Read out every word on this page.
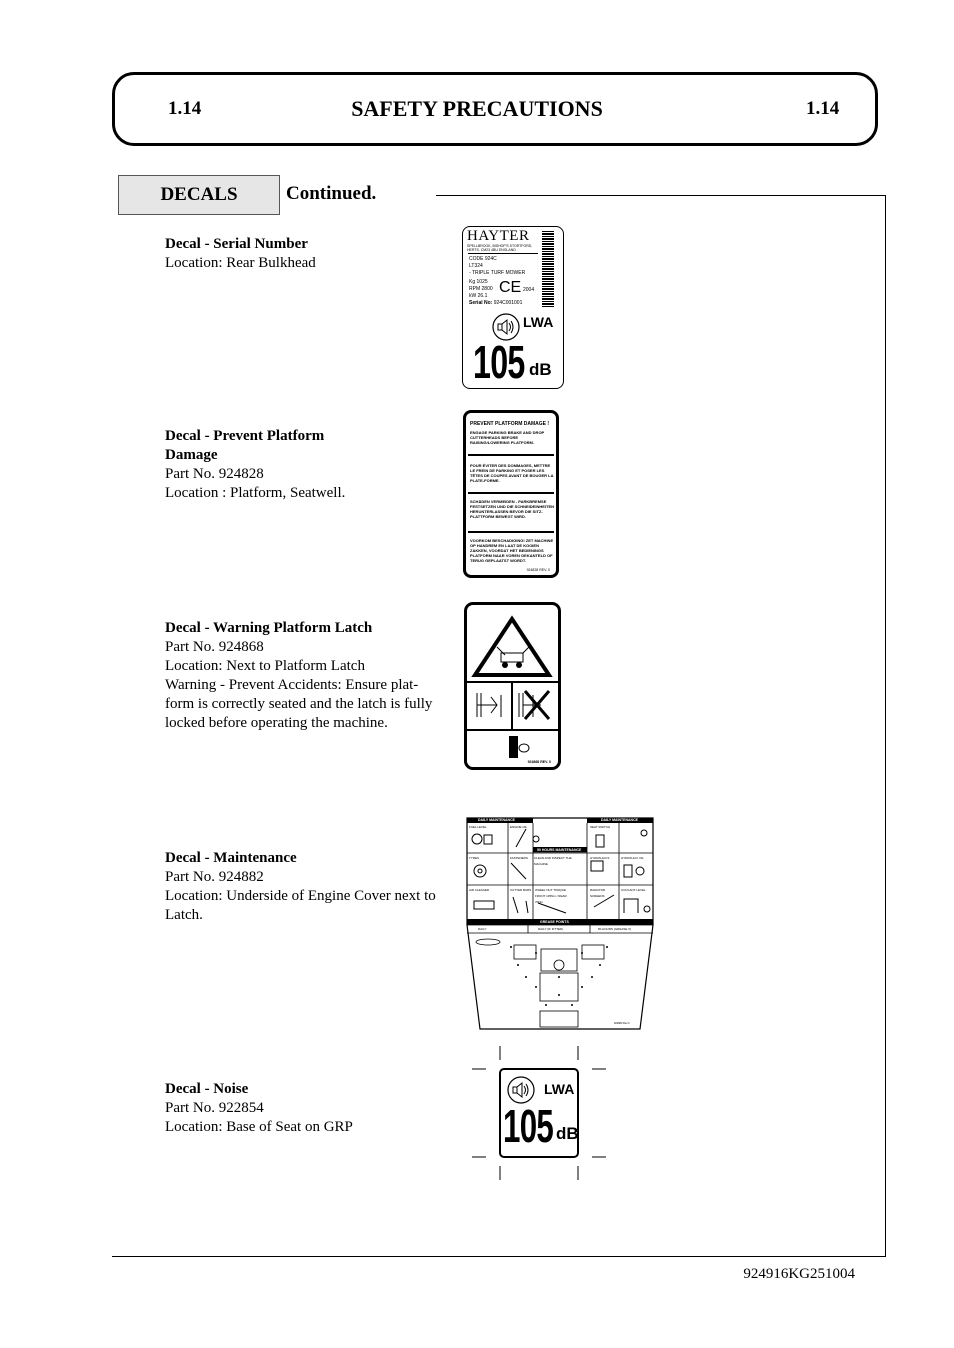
1.14	SAFETY PRECAUTIONS	1.14
DECALS	Continued.
Decal - Serial Number
Location: Rear Bulkhead
Decal - Prevent Platform Damage
Part No. 924828
Location : Platform, Seatwell.
Decal - Warning Platform Latch
Part No. 924868
Location: Next to Platform Latch
Warning - Prevent Accidents: Ensure plat-form is correctly seated and the latch is fully locked before operating the machine.
Decal - Maintenance
Part No. 924882
Location: Underside of Engine Cover next to Latch.
Decal - Noise
Part No. 922854
Location: Base of Seat on GRP
HAYTER
SPELLBROOK, BISHOP'S STORTFORD, HERTS. CM23 4BU ENGLAND
CODE 924C
LT324
- TRIPLE TURF MOWER
Kg 1025
RPM 2800
kW 26.1 CE 2004
Serial No: 924C001001
LWA
105 dB
PREVENT PLATFORM DAMAGE !
ENGAGE PARKING BRAKE AND DROP CUTTERHEADS BEFORE RAISING/LOWERING PLATFORM.
POUR ÉVITER DES DOMMAGES, METTRE LE FREIN DE PARKING ET POSER LES TÊTES DE COUPES AVANT DE BOUGER LA PLATE-FORME.
SCHÄDEN VERMEIDEN - PARKBREMSE FESTSETZEN UND DIE SCHNEIDEINHEITEN HERUNTERLASSEN BEVOR DIE SITZ-PLATTFORM BEWEGT WIRD.
VOORKOM BESCHADIGING! ZET MACHINE OP HANDREM EN LAAT DE KOOIEN ZAKKEN, VOORDAT HET BEDIENINGS PLATFORM NAAR VOREN GEKANTELD OF TERUG GEPLAATST WORDT.
924828 REV. 0
924868 REV. 0
DAILY MAINTENANCE	DAILY MAINTENANCE
50 HOURS MAINTENANCE
GREASE POINTS
FUEL LEVEL	ENGINE OIL	SEAT SWITCH
TYRES	FASTENERS CLEAN AND INSPECT THE MACHINE
HYDRAULICS	HYDRAULIC OIL
AIR CLEANER	CUTTER BARS WHEEL NUT TORQUE
FRONT 135Nm / REAR 70Nm
RADIATOR SCREENS
COOLANT LEVEL
DAILY	DAILY (IF FITTED)	50 HOURS (GREASE X)
924882 Rev 0
LWA
105 dB
924916KG251004
